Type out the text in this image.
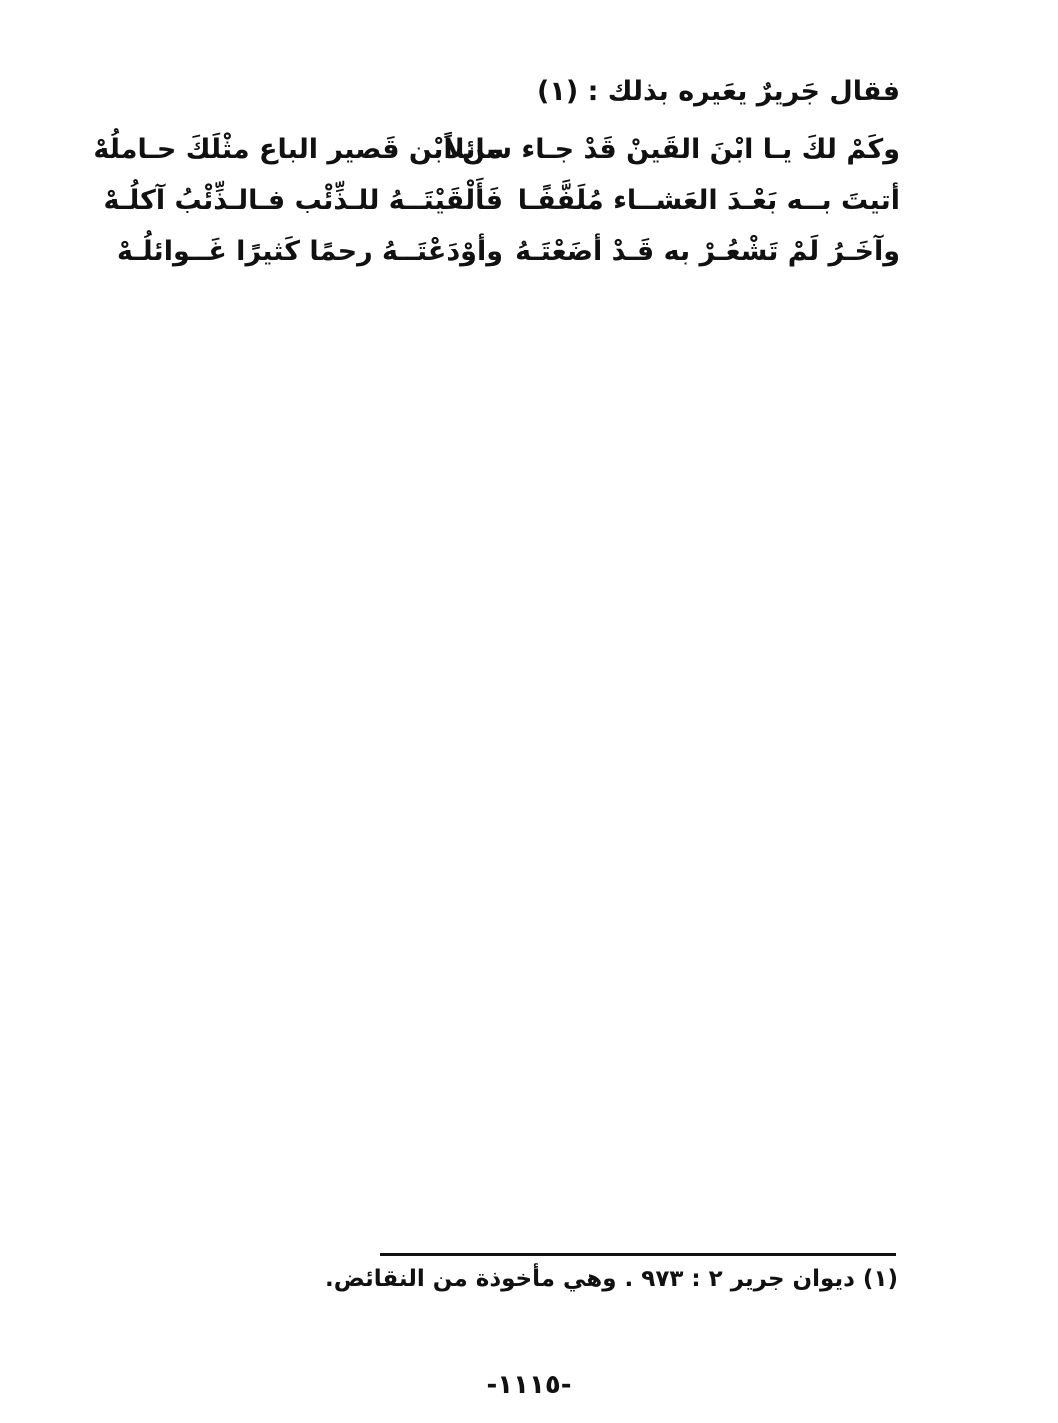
فقال جَريرٌ يعَيره بذلك : (١)
وكَمْ لكَ يـا ابْنَ القَينْ قَدْ جـاء سائلاً
من ابْن قَصير الباع مثْلَكَ حـاملُهْ
أتيتَ بــه بَعْـدَ العَشــاء مُلَفَّفًـا
فَأَلْقَيْتَــهُ للـذِّئْب فـالـذِّئْبُ آكلُـهْ
وآخَـرُ لَمْ تَشْعُـرْ به قَـدْ أضَعْتَـهُ
وأوْدَعْتَــهُ رحمًا كَثيرًا غَــوائلُـهْ
(١) ديوان جرير ٢ : ٩٧٣ . وهي مأخوذة من النقائض.
-١١١٥-
